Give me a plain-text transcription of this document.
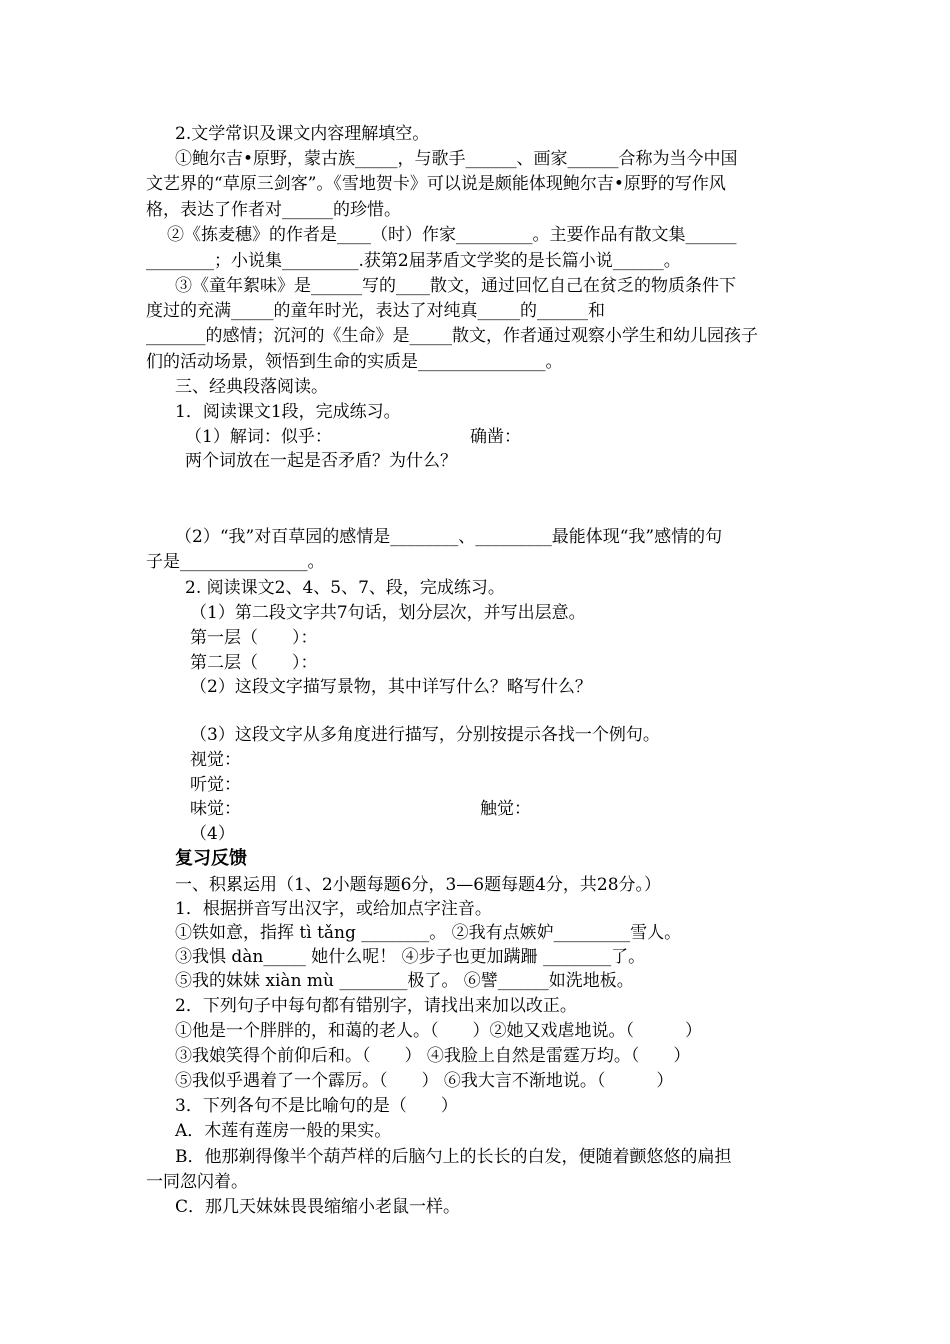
2.文学常识及课文内容理解填空。
①鲍尔吉•原野，蒙古族_____，与歌手______、画家______合称为当今中国
文艺界的“草原三剑客”。《雪地贺卡》可以说是颇能体现鲍尔吉•原野的写作风
格，表达了作者对______的珍惜。
②《拣麦穗》的作者是____（时）作家_________。主要作品有散文集______
________；小说集_________.获第2届茅盾文学奖的是长篇小说______。
③《童年絮味》是______写的____散文，通过回忆自己在贫乏的物质条件下
度过的充满_____的童年时光，表达了对纯真_____的______和
_______的感情；沉河的《生命》是_____散文，作者通过观察小学生和幼儿园孩子
们的活动场景，领悟到生命的实质是_______________。
三、经典段落阅读。
1．阅读课文1段，完成练习。
（1）解词：似乎：	确凿：
两个词放在一起是否矛盾？为什么？
（2）“我”对百草园的感情是________、_________最能体现“我”感情的句
子是_______________。
2. 阅读课文2、4、5、7、段，完成练习。
（1）第二段文字共7句话，划分层次，并写出层意。
第一层（　　）：
第二层（　　）：
（2）这段文字描写景物，其中详写什么？略写什么？
（3）这段文字从多角度进行描写，分别按提示各找一个例句。
视觉：
听觉：
味觉：	触觉：
（4）
复习反馈
一、积累运用（1、2小题每题6分，3—6题每题4分，共28分。）
1．根据拼音写出汉字，或给加点字注音。
①铁如意，指挥 tì tǎng ________。 ②我有点嫉妒_________雪人。
③我惧 dàn_____ 她什么呢！ ④步子也更加蹒跚 ________了。
⑤我的妹妹 xiàn mù ________极了。 ⑥譬______如洗地板。
2．下列句子中每句都有错别字，请找出来加以改正。
①他是一个胖胖的，和蔼的老人。（　　）②她又戏虐地说。（　　　）
③我娘笑得个前仰后和。（　　） ④我脸上自然是雷霆万均。（　　）
⑤我似乎遇着了一个霹厉。（　　） ⑥我大言不渐地说。（　　　）
3．下列各句不是比喻句的是（　　）
A．木莲有莲房一般的果实。
B．他那剃得像半个葫芦样的后脑勺上的长长的白发，便随着颤悠悠的扁担
一同忽闪着。
C．那几天妹妹畏畏缩缩小老鼠一样。
